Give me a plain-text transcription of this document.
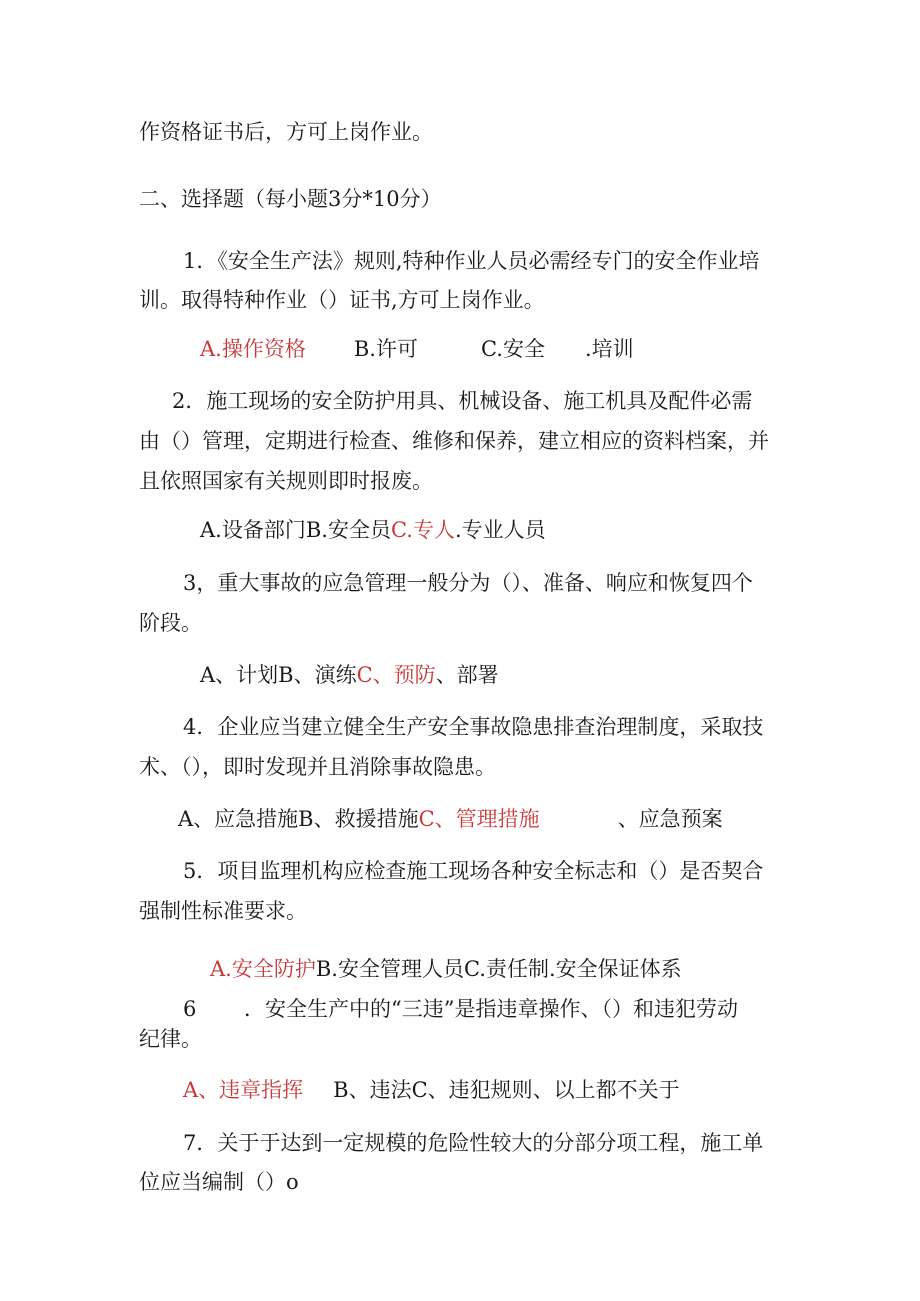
作资格证书后，方可上岗作业。
二、选择题（每小题3分*10分）
1．《安全生产法》规则,特种作业人员必需经专门的安全作业培
训。取得特种作业（）证书,方可上岗作业。
A.操作资格 B.许可	C.安全 .培训
2．施工现场的安全防护用具、机械设备、施工机具及配件必需
由（）管理，定期进行检查、维修和保养，建立相应的资料档案，并
且依照国家有关规则即时报废。
A.设备部门B.安全员C.专人.专业人员
3，重大事故的应急管理一般分为（）、准备、响应和恢复四个
阶段。
A、计划B、演练C、预防、部署
4．企业应当建立健全生产安全事故隐患排查治理制度，采取技
术、（），即时发现并且消除事故隐患。
A、应急措施B、救援措施C、管理措施	、应急预案
5．项目监理机构应检查施工现场各种安全标志和（）是否契合
强制性标准要求。
A.安全防护B.安全管理人员C.责任制.安全保证体系
6 ．安全生产中的“三违”是指违章操作、（）和违犯劳动
纪律。
A、违章指挥 B、违法C、违犯规则、以上都不关于
7．关于于达到一定规模的危险性较大的分部分项工程，施工单
位应当编制（）o
